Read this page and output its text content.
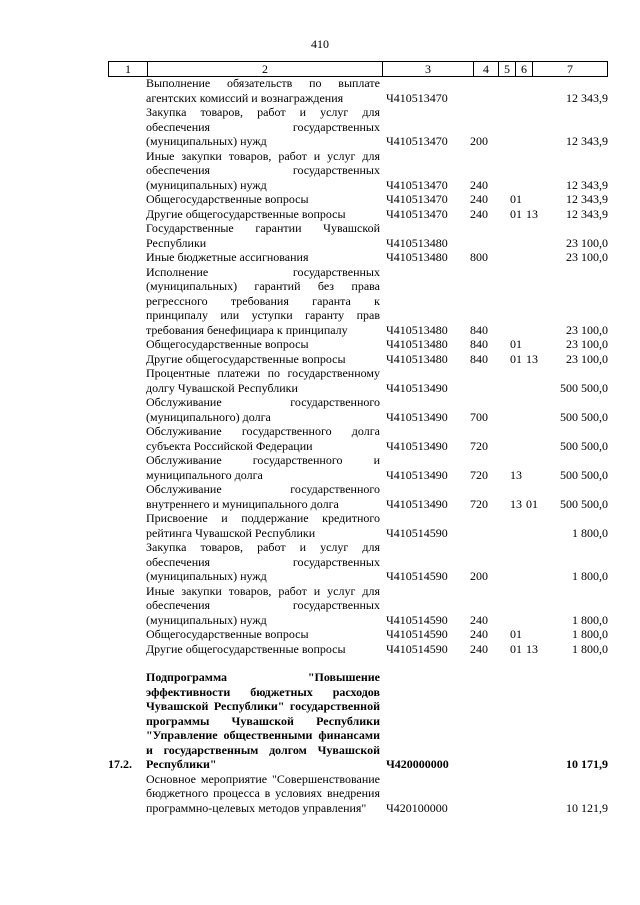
410
1	2	3	4	5	6	7
	Выполнение обязательств по выплате агентских комиссий и вознаграждения	Ч410513470				12 343,9
	Закупка товаров, работ и услуг для обеспечения государственных (муниципальных) нужд	Ч410513470	200			12 343,9
	Иные закупки товаров, работ и услуг для обеспечения государственных (муниципальных) нужд	Ч410513470	240			12 343,9
	Общегосударственные вопросы	Ч410513470	240	01		12 343,9
	Другие общегосударственные вопросы	Ч410513470	240	01	13	12 343,9
	Государственные гарантии Чувашской Республики	Ч410513480				23 100,0
	Иные бюджетные ассигнования	Ч410513480	800			23 100,0
	Исполнение государственных (муниципальных) гарантий без права регрессного требования гаранта к принципалу или уступки гаранту прав требования бенефициара к принципалу	Ч410513480	840			23 100,0
	Общегосударственные вопросы	Ч410513480	840	01		23 100,0
	Другие общегосударственные вопросы	Ч410513480	840	01	13	23 100,0
	Процентные платежи по государственному долгу Чувашской Республики	Ч410513490				500 500,0
	Обслуживание государственного (муниципального) долга	Ч410513490	700			500 500,0
	Обслуживание государственного долга субъекта Российской Федерации	Ч410513490	720			500 500,0
	Обслуживание государственного и муниципального долга	Ч410513490	720	13		500 500,0
	Обслуживание государственного внутреннего и муниципального долга	Ч410513490	720	13	01	500 500,0
	Присвоение и поддержание кредитного рейтинга Чувашской Республики	Ч410514590				1 800,0
	Закупка товаров, работ и услуг для обеспечения государственных (муниципальных) нужд	Ч410514590	200			1 800,0
	Иные закупки товаров, работ и услуг для обеспечения государственных (муниципальных) нужд	Ч410514590	240			1 800,0
	Общегосударственные вопросы	Ч410514590	240	01		1 800,0
	Другие общегосударственные вопросы	Ч410514590	240	01	13	1 800,0

17.2.	Подпрограмма "Повышение эффективности бюджетных расходов Чувашской Республики" государственной программы Чувашской Республики "Управление общественными финансами и государственным долгом Чувашской Республики"	Ч420000000				10 171,9
	Основное мероприятие "Совершенствование бюджетного процесса в условиях внедрения программно-целевых методов управления"	Ч420100000				10 121,9
